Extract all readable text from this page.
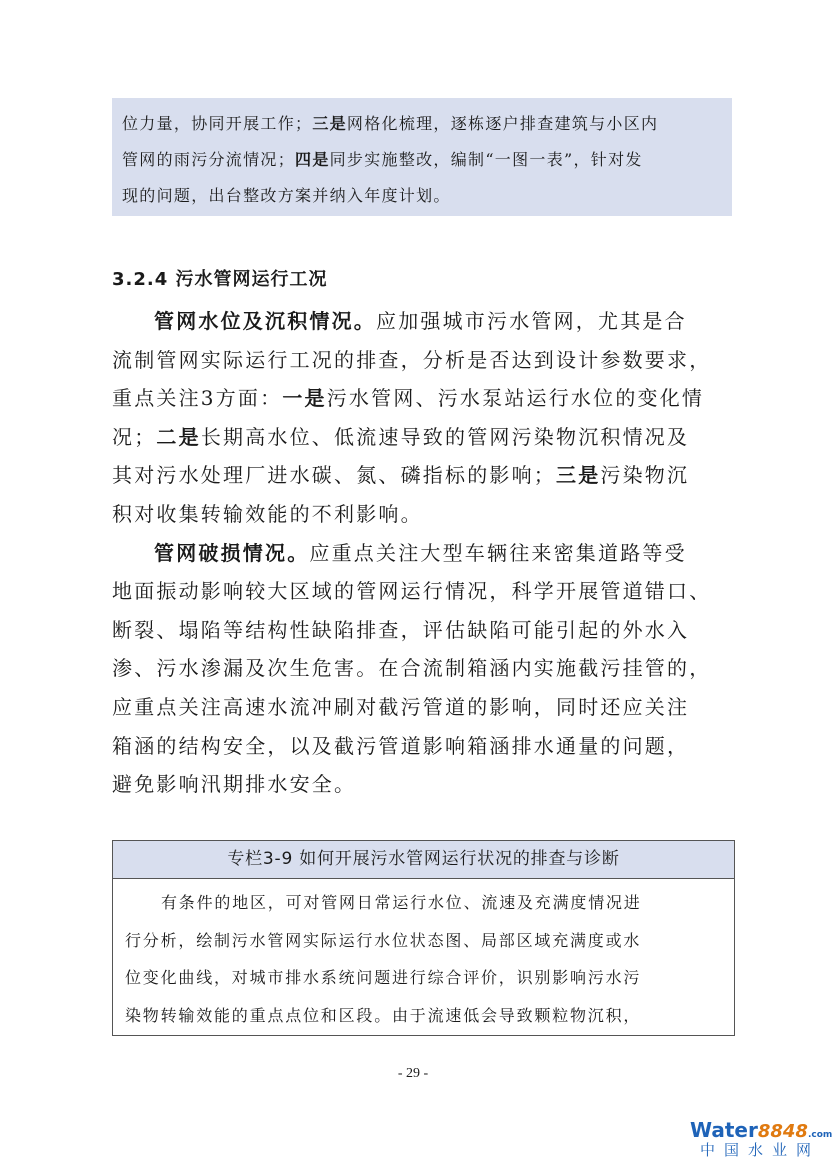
位力量，协同开展工作；三是网格化梳理，逐栋逐户排查建筑与小区内
管网的雨污分流情况；四是同步实施整改，编制“一图一表”，针对发
现的问题，出台整改方案并纳入年度计划。
3.2.4 污水管网运行工况
管网水位及沉积情况。应加强城市污水管网，尤其是合
流制管网实际运行工况的排查，分析是否达到设计参数要求，
重点关注3方面：一是污水管网、污水泵站运行水位的变化情
况；二是长期高水位、低流速导致的管网污染物沉积情况及
其对污水处理厂进水碳、氮、磷指标的影响；三是污染物沉
积对收集转输效能的不利影响。
管网破损情况。应重点关注大型车辆往来密集道路等受
地面振动影响较大区域的管网运行情况，科学开展管道错口、
断裂、塌陷等结构性缺陷排查，评估缺陷可能引起的外水入
渗、污水渗漏及次生危害。在合流制箱涵内实施截污挂管的，
应重点关注高速水流冲刷对截污管道的影响，同时还应关注
箱涵的结构安全，以及截污管道影响箱涵排水通量的问题，
避免影响汛期排水安全。
专栏3-9 如何开展污水管网运行状况的排查与诊断
有条件的地区，可对管网日常运行水位、流速及充满度情况进
行分析，绘制污水管网实际运行水位状态图、局部区域充满度或水
位变化曲线，对城市排水系统问题进行综合评价，识别影响污水污
染物转输效能的重点点位和区段。由于流速低会导致颗粒物沉积，
- 29 -
Water8848.com
中国水业网
